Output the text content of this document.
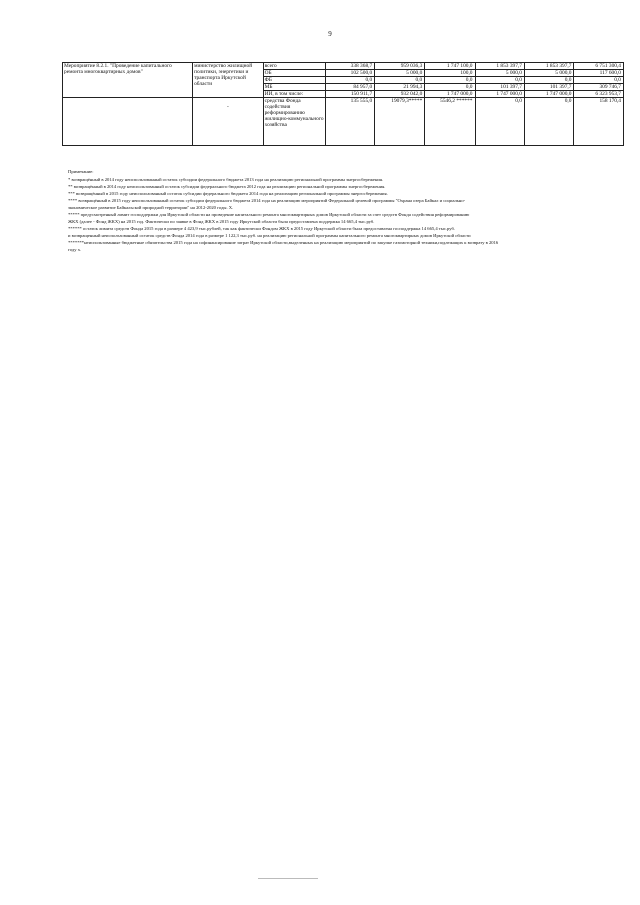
9
Мероприятие 8.2.1. "Проведение капитального ремонта многоквартирных домов"	министерство жилищной политики, энергетики и транспорта Иркутской области	всего	338 368,7	959 036,3	1 747 100,0	1 853 397,7	1 853 397,7	6 751 300,4
		ОБ	102 500,0	5 000,0	100,0	5 000,0	5 000,0	117 600,0
		ФБ	0,0	0,0	0,0	0,0	0,0	0,0
		МБ	84 957,0	21 994,3	0,0	101 397,7	101 397,7	309 746,7
		ИИ, в том числе:	150 911,7	932 042,0	1 747 000,0	1 747 000,0	1 747 000,0	6 323 953,7
	-	средства Фонда содействия реформированию жилищно-коммунального хозяйства	135 555,0	19079,3*****	5546,2 ******	0,0	0,0	158 170,4

Примечание:

* возвращённый в 2014 году неиспользованный остаток субсидии федерального бюджета 2013 года на реализацию региональной программы энергосбережения.

** возвращённый в 2014 году неиспользованный остаток субсидии федерального бюджета 2012 года на реализацию региональной программы энергосбережения.

*** возвращённый в 2015 году неиспользованный остаток субсидии федерального бюджета 2014 года на реализацию региональной программы энергосбережения.

**** возвращённый в 2015 году неиспользованный остаток субсидии федерального бюджета 2014 года на реализацию мероприятий Федеральной целевой программы "Охрана озера Байкал и социально-

экономическое развитие Байкальской природной территории" на 2012-2020 годы. Х.

***** предусмотренный лимит господдержки для Иркутской области на проведение капитального ремонта многоквартирных домов Иркутской области за счет средств Фонда содействия реформированию

ЖКХ (далее - Фонд ЖКХ) на 2015 год. Фактически по заявке в Фонд ЖКХ в 2015 году Иркутской области была предоставлена поддержка 14 665,4 тыс.руб.

****** остаток лимита средств Фонда 2015 года в размере 4 423,9 тыс.рублей, так как фактически Фондом ЖКХ в 2015 году Иркутской области была предоставлена господдержка 14 665,4 тыс.руб.

и возвращенный неиспользованный остаток средств Фонда 2014 года в размере 1 122,3 тыс.руб. на реализацию региональной программы капитального ремонта многоквартирных домов Иркутской области

*******неиспользованные бюджетные обязательства 2015 года на софинансирование затрат Иркутской области,выделенных на реализацию мероприятий по закупке газомоторной техники,подлежащих к возврату в 2016

году х.
